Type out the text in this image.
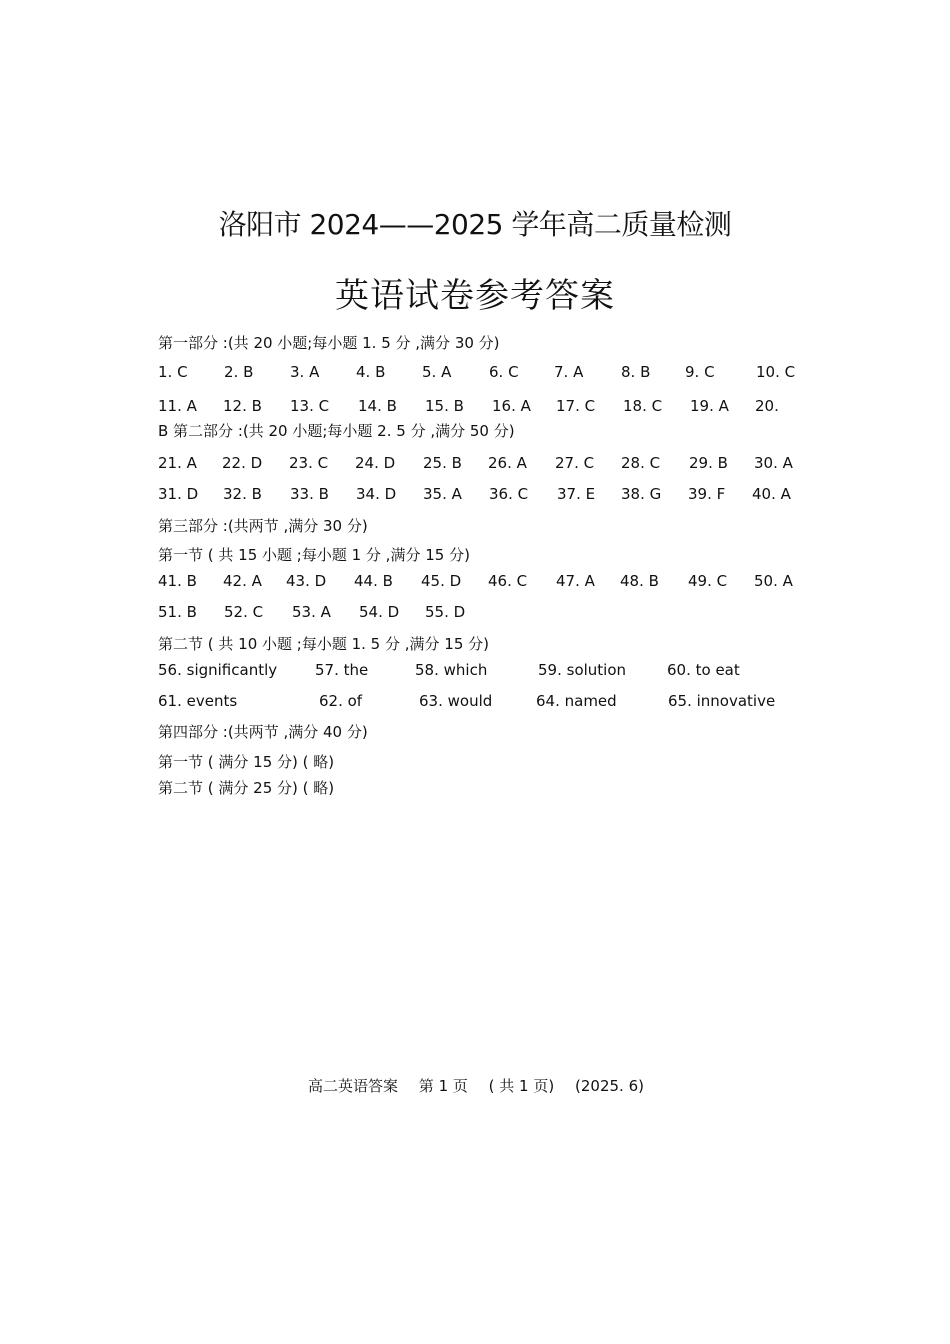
洛阳市 2024——2025 学年高二质量检测
英语试卷参考答案
第一部分 :(共 20 小题;每小题 1. 5 分 ,满分 30 分)
1. C 2. B 3. A 4. B 5. A	6. C 7. A	8. B 9. C	10. C
11. A 12. B 13. C 14. B 15. B 16. A 17. C 18. C 19. A 20.
B 第二部分 :(共 20 小题;每小题 2. 5 分 ,满分 50 分)
21. A 22. D 23. C 24. D 25. B 26. A 27. C 28. C 29. B 30. A
31. D 32. B 33. B 34. D 35. A 36. C 37. E 38. G 39. F 40. A
第三部分 :(共两节 ,满分 30 分)
第一节 ( 共 15 小题 ;每小题 1 分 ,满分 15 分)
41. B 42. A 43. D 44. B 45. D 46. C 47. A 48. B 49. C 50. A
51. B 52. C 53. A 54. D 55. D
第二节 ( 共 10 小题 ;每小题 1. 5 分 ,满分 15 分)
56. significantly	57. the	58. which	59. solution	60. to eat
61. events	62. of	63. would	64. named	65. innovative
第四部分 :(共两节 ,满分 40 分)
第一节 ( 满分 15 分) ( 略)
第二节 ( 满分 25 分) ( 略)
高二英语答案 第 1 页 ( 共 1 页) (2025. 6)
